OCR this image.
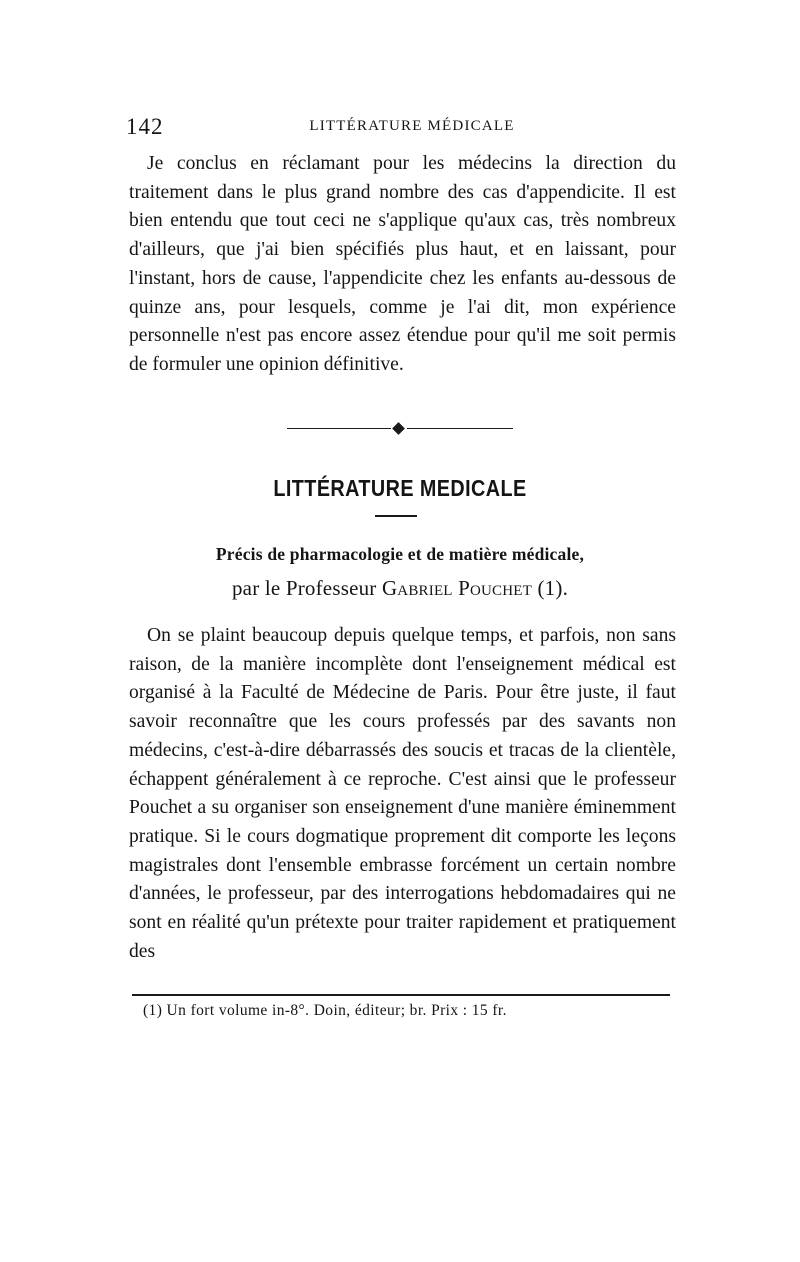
142	LITTÉRATURE MÉDICALE

Je conclus en réclamant pour les médecins la direction du traitement dans le plus grand nombre des cas d'appendicite. Il est bien entendu que tout ceci ne s'applique qu'aux cas, très nombreux d'ailleurs, que j'ai bien spécifiés plus haut, et en laissant, pour l'instant, hors de cause, l'appendicite chez les enfants au-dessous de quinze ans, pour lesquels, comme je l'ai dit, mon expérience personnelle n'est pas encore assez étendue pour qu'il me soit permis de formuler une opinion définitive.

LITTÉRATURE MEDICALE
Précis de pharmacologie et de matière médicale,
par le Professeur Gabriel Pouchet (1).

On se plaint beaucoup depuis quelque temps, et parfois, non sans raison, de la manière incomplète dont l'enseignement médical est organisé à la Faculté de Médecine de Paris. Pour être juste, il faut savoir reconnaître que les cours professés par des savants non médecins, c'est-à-dire débarrassés des soucis et tracas de la clientèle, échappent généralement à ce reproche. C'est ainsi que le professeur Pouchet a su organiser son enseignement d'une manière éminemment pratique. Si le cours dogmatique proprement dit comporte les leçons magistrales dont l'ensemble embrasse forcément un certain nombre d'années, le professeur, par des interrogations hebdomadaires qui ne sont en réalité qu'un prétexte pour traiter rapidement et pratiquement des

(1) Un fort volume in-8°. Doin, éditeur; br. Prix : 15 fr.
